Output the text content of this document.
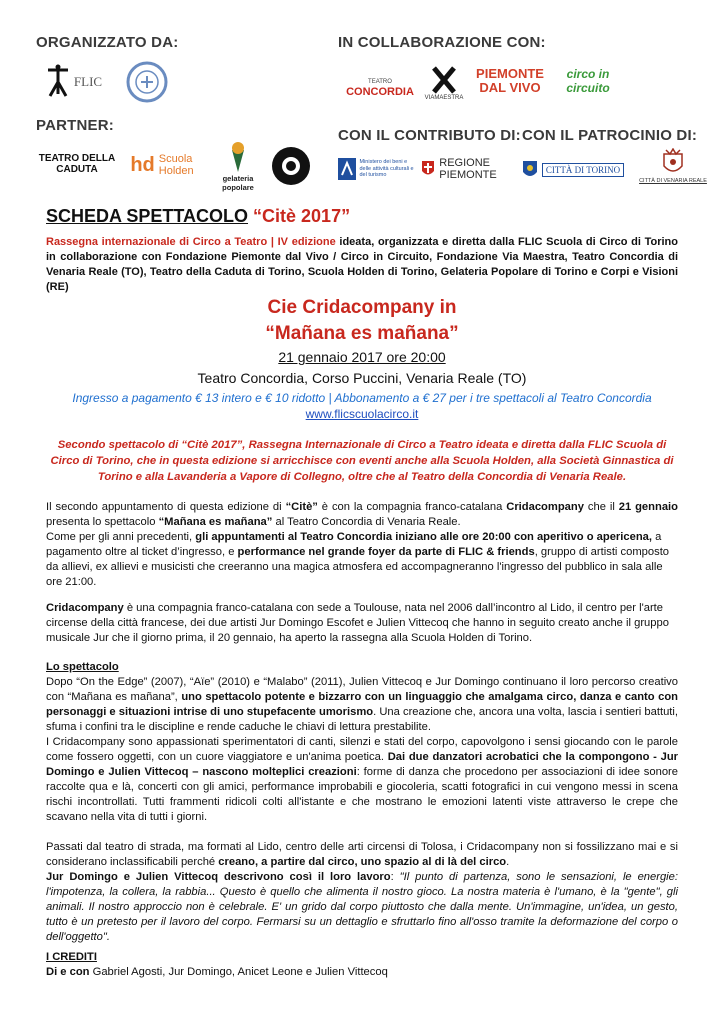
ORGANIZZATO DA:	IN COLLABORAZIONE CON:
PARTNER:
CON IL CONTRIBUTO DI: CON IL PATROCINIO DI:
FLIC	TEATRO
CONCORDIA VIAMAESTRA
PIEMONTE
DAL VIVO
circo in circuito
TEATRO DELLA CADUTA	hd Scuola
Holden
gelateria popolare
Ministero dei beni e delle attività culturali e del turismo
REGIONE
PIEMONTE	CITTÀ DI TORINO
CITTÀ DI VENARIA REALE
SCHEDA SPETTACOLO “Citè 2017”
Rassegna internazionale di Circo a Teatro | IV edizione ideata, organizzata e diretta dalla FLIC Scuola di Circo di Torino in collaborazione con Fondazione Piemonte dal Vivo / Circo in Circuito, Fondazione Via Maestra, Teatro Concordia di Venaria Reale (TO), Teatro della Caduta di Torino, Scuola Holden di Torino, Gelateria Popolare di Torino e Corpi e Visioni (RE)
Cie Cridacompany in
“Mañana es mañana”
21 gennaio 2017 ore 20:00
Teatro Concordia, Corso Puccini, Venaria Reale (TO)
Ingresso a pagamento € 13 intero e € 10 ridotto | Abbonamento a € 27 per i tre spettacoli al Teatro Concordia
www.flicscuolacirco.it
Secondo spettacolo di “Citè 2017”, Rassegna Internazionale di Circo a Teatro ideata e diretta dalla FLIC Scuola di Circo di Torino, che in questa edizione si arricchisce con eventi anche alla Scuola Holden, alla Società Ginnastica di Torino e alla Lavanderia a Vapore di Collegno, oltre che al Teatro della Concordia di Venaria Reale.
Il secondo appuntamento di questa edizione di “Citè” è con la compagnia franco-catalana Cridacompany che il 21 gennaio presenta lo spettacolo “Mañana es mañana” al Teatro Concordia di Venaria Reale.
Come per gli anni precedenti, gli appuntamenti al Teatro Concordia iniziano alle ore 20:00 con aperitivo o apericena, a pagamento oltre al ticket d’ingresso, e performance nel grande foyer da parte di FLIC & friends, gruppo di artisti composto da allievi, ex allievi e musicisti che creeranno una magica atmosfera ed accompagneranno l'ingresso del pubblico in sala alle ore 21:00.
Cridacompany è una compagnia franco-catalana con sede a Toulouse, nata nel 2006 dall’incontro al Lido, il centro per l'arte circense della città francese, dei due artisti Jur Domingo Escofet e Julien Vittecoq che hanno in seguito creato anche il gruppo musicale Jur che il giorno prima, il 20 gennaio, ha aperto la rassegna alla Scuola Holden di Torino.
Lo spettacolo
Dopo “On the Edge” (2007), “Aïe” (2010) e “Malabo” (2011), Julien Vittecoq e Jur Domingo continuano il loro percorso creativo con “Mañana es mañana”, uno spettacolo potente e bizzarro con un linguaggio che amalgama circo, danza e canto con personaggi e situazioni intrise di uno stupefacente umorismo. Una creazione che, ancora una volta, lascia i sentieri battuti, sfuma i confini tra le discipline e rende caduche le chiavi di lettura prestabilite.
I Cridacompany sono appassionati sperimentatori di canti, silenzi e stati del corpo, capovolgono i sensi giocando con le parole come fossero oggetti, con un cuore viaggiatore e un'anima poetica. Dai due danzatori acrobatici che la compongono - Jur Domingo e Julien Vittecoq – nascono molteplici creazioni: forme di danza che procedono per associazioni di idee sonore raccolte qua e là, concerti con gli amici, performance improbabili e giocoleria, scatti fotografici in cui vengono messi in scena rischi incontrollati. Tutti frammenti ridicoli colti all'istante e che mostrano le emozioni latenti viste attraverso le crepe che scavano nella vita di tutti i giorni.
Passati dal teatro di strada, ma formati al Lido, centro delle arti circensi di Tolosa, i Cridacompany non si fossilizzano mai e si considerano inclassificabili perché creano, a partire dal circo, uno spazio al di là del circo.
Jur Domingo e Julien Vittecoq descrivono così il loro lavoro: "Il punto di partenza, sono le sensazioni, le energie: l'impotenza, la collera, la rabbia... Questo è quello che alimenta il nostro gioco. La nostra materia è l'umano, è la "gente", gli animali. Il nostro approccio non è celebrale. E' un grido dal corpo piuttosto che dalla mente. Un'immagine, un'idea, un gesto, tutto è un pretesto per il lavoro del corpo. Fermarsi su un dettaglio e sfruttarlo fino all'osso tramite la deformazione del corpo o dell'oggetto".
I CREDITI
Di e con Gabriel Agosti, Jur Domingo, Anicet Leone e Julien Vittecoq
